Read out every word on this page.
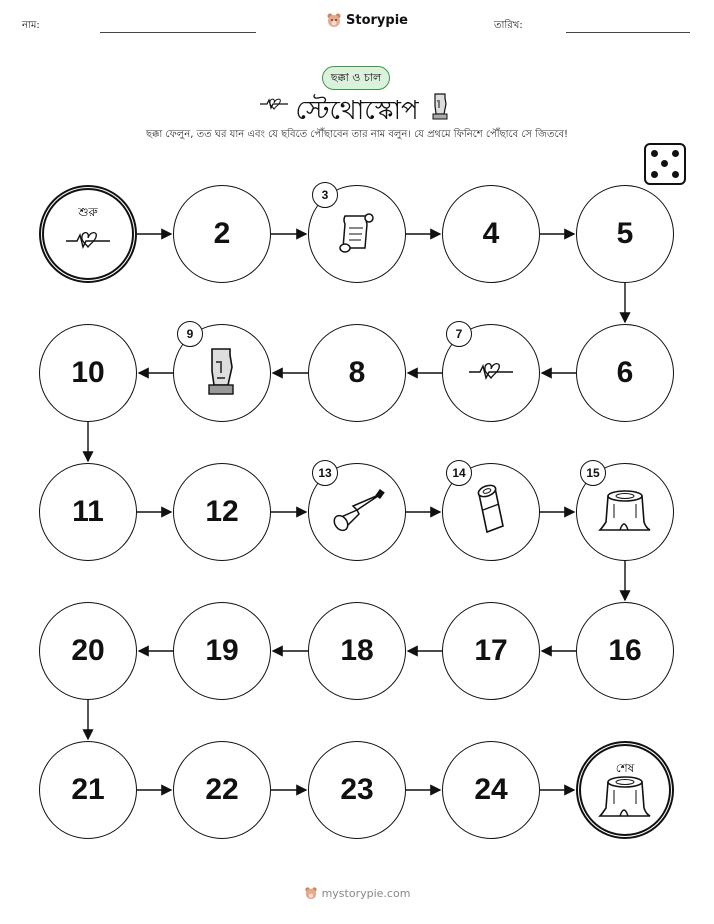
নাম:	Storypie	তারিখ:
ছক্কা ও চাল
স্টেথোস্কোপ
ছক্কা ফেলুন, তত ঘর যান এবং যে ছবিতে পৌঁছাবেন তার নাম বলুন। যে প্রথমে ফিনিশে পৌঁছাবে সে জিতবে!
শুরু
2
3
4	5
6
7
8
9
10
11	12
13	14	15
16
17
18
19
20
21	22	23	24
শেষ
mystorypie.com
